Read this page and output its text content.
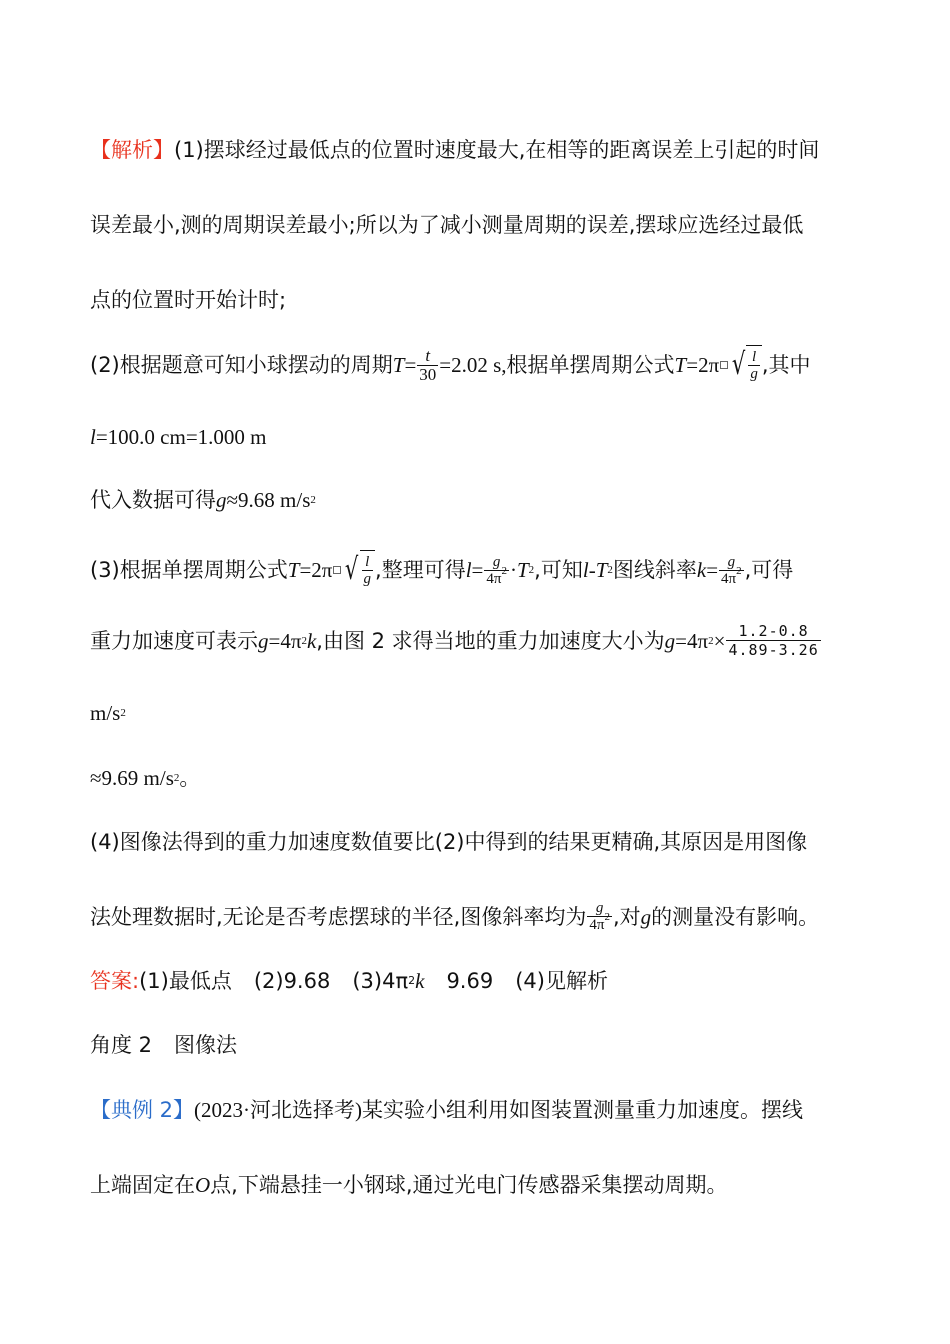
【解析】 (1)摆球经过最低点的位置时速度最大,在相等的距离误差上引起的时间
误差最小,测的周期误差最小;所以为了减小测量周期的误差,摆球应选经过最低
点的位置时开始计时;
(2)根据题意可知小球摆动的周期 $T = \frac{t}{30} =2.02$ s, 根据单摆周期公式 T =2π √ $\frac{l}{g}$ ,其中
l =100.0 cm=1.000 m
代入数据可得 g ≈9.68 m/s 2
(3)根据单摆周期公式 T =2π √ $\frac{l}{g}$ ,整理可得 $l = \frac{g}{4\pi^2} \cdot T$ 2 ,可知 l - T 2 图线斜率 $k = \frac{g}{4\pi^2}$ ,可得
重力加速度可表示 g =4π 2 k ,由图 2 求得当地的重力加速度大小为 g =4π $2 \times \frac{1.2-0.8}{4.89-3.26}$
m/s 2
≈9.69 m/s 2 。
(4)图像法得到的重力加速度数值要比(2)中得到的结果更精确,其原因是用图像
法处理数据时,无论是否考虑摆球的半径,图像斜率均为 $\frac{g}{4\pi^2}$ ,对 g 的测量没有影响。
答案: (1)最低点 (2)9.68 (3)4π 2 k 9.69 (4)见解析
角度 2 图像法
【典例 2】 (2023·河北选择考) 某实验小组利用如图装置测量重力加速度。摆线
上端固定在 O 点,下端悬挂一小钢球,通过光电门传感器采集摆动周期。
